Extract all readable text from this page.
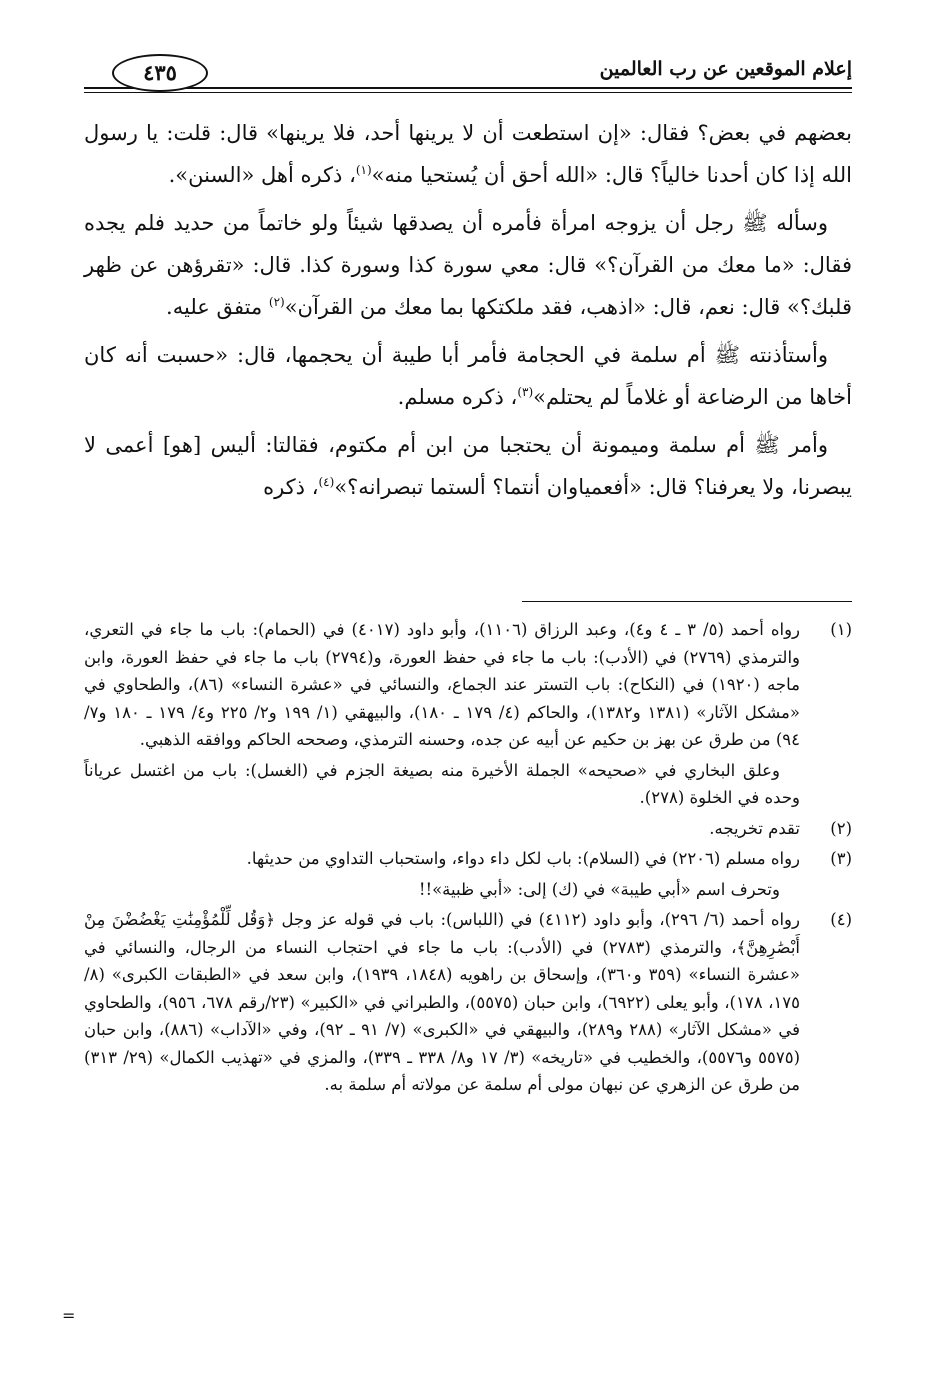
إعلام الموقعين عن رب العالمين
٤٣٥

بعضهم في بعض؟ فقال: «إن استطعت أن لا يرينها أحد، فلا يرينها» قال: قلت: يا رسول الله إذا كان أحدنا خالياً؟ قال: «الله أحق أن يُستحيا منه»$^{(١)}$، ذكره أهل «السنن».

وسأله ﷺ رجل أن يزوجه امرأة فأمره أن يصدقها شيئاً ولو خاتماً من حديد فلم يجده فقال: «ما معك من القرآن؟» قال: معي سورة كذا وسورة كذا. قال: «تقرؤهن عن ظهر قلبك؟» قال: نعم، قال: «اذهب، فقد ملكتكها بما معك من القرآن»$^{(٢)}$ متفق عليه.

وأستأذنته ﷺ أم سلمة في الحجامة فأمر أبا طيبة أن يحجمها، قال: «حسبت أنه كان أخاها من الرضاعة أو غلاماً لم يحتلم»$^{(٣)}$، ذكره مسلم.

وأمر ﷺ أم سلمة وميمونة أن يحتجبا من ابن أم مكتوم، فقالتا: أليس [هو] أعمى لا يبصرنا، ولا يعرفنا؟ قال: «أفعمياوان أنتما؟ ألستما تبصرانه؟»$^{(٤)}$، ذكره

(١)

رواه أحمد (٥/ ٣ ـ ٤ و٤)، وعبد الرزاق (١١٠٦)، وأبو داود (٤٠١٧) في (الحمام): باب ما جاء في التعري، والترمذي (٢٧٦٩) في (الأدب): باب ما جاء في حفظ العورة، و(٢٧٩٤) باب ما جاء في حفظ العورة، وابن ماجه (١٩٢٠) في (النكاح): باب التستر عند الجماع، والنسائي في «عشرة النساء» (٨٦)، والطحاوي في «مشكل الآثار» (١٣٨١ و١٣٨٢)، والحاكم (٤/ ١٧٩ ـ ١٨٠)، والبيهقي (١/ ١٩٩ و٢/ ٢٢٥ و٤/ ١٧٩ ـ ١٨٠ و٧/ ٩٤) من طرق عن بهز بن حكيم عن أبيه عن جده، وحسنه الترمذي، وصححه الحاكم ووافقه الذهبي.

وعلق البخاري في «صحيحه» الجملة الأخيرة منه بصيغة الجزم في (الغسل): باب من اغتسل عرياناً وحده في الخلوة (٢٧٨).

(٢)

تقدم تخريجه.

(٣)

رواه مسلم (٢٢٠٦) في (السلام): باب لكل داء دواء، واستحباب التداوي من حديثها.

وتحرف اسم «أبي طيبة» في (ك) إلى: «أبي ظبية»!!

(٤)

رواه أحمد (٦/ ٢٩٦)، وأبو داود (٤١١٢) في (اللباس): باب في قوله عز وجل ﴿وَقُل لِّلْمُؤْمِنَٰتِ يَغْضُضْنَ مِنْ أَبْصَٰرِهِنَّ﴾، والترمذي (٢٧٨٣) في (الأدب): باب ما جاء في احتجاب النساء من الرجال، والنسائي في «عشرة النساء» (٣٥٩ و٣٦٠)، وإسحاق بن راهويه (١٨٤٨، ١٩٣٩)، وابن سعد في «الطبقات الكبرى» (٨/ ١٧٥، ١٧٨)، وأبو يعلى (٦٩٢٢)، وابن حبان (٥٥٧٥)، والطبراني في «الكبير» (٢٣/رقم ٦٧٨، ٩٥٦)، والطحاوي في «مشكل الآثار» (٢٨٨ و٢٨٩)، والبيهقي في «الكبرى» (٧/ ٩١ ـ ٩٢)، وفي «الآداب» (٨٨٦)، وابن حبان (٥٥٧٥ و٥٥٧٦)، والخطيب في «تاريخه» (٣/ ١٧ و٨/ ٣٣٨ ـ ٣٣٩)، والمزي في «تهذيب الكمال» (٢٩/ ٣١٣) من طرق عن الزهري عن نبهان مولى أم سلمة عن مولاته أم سلمة به.

=
